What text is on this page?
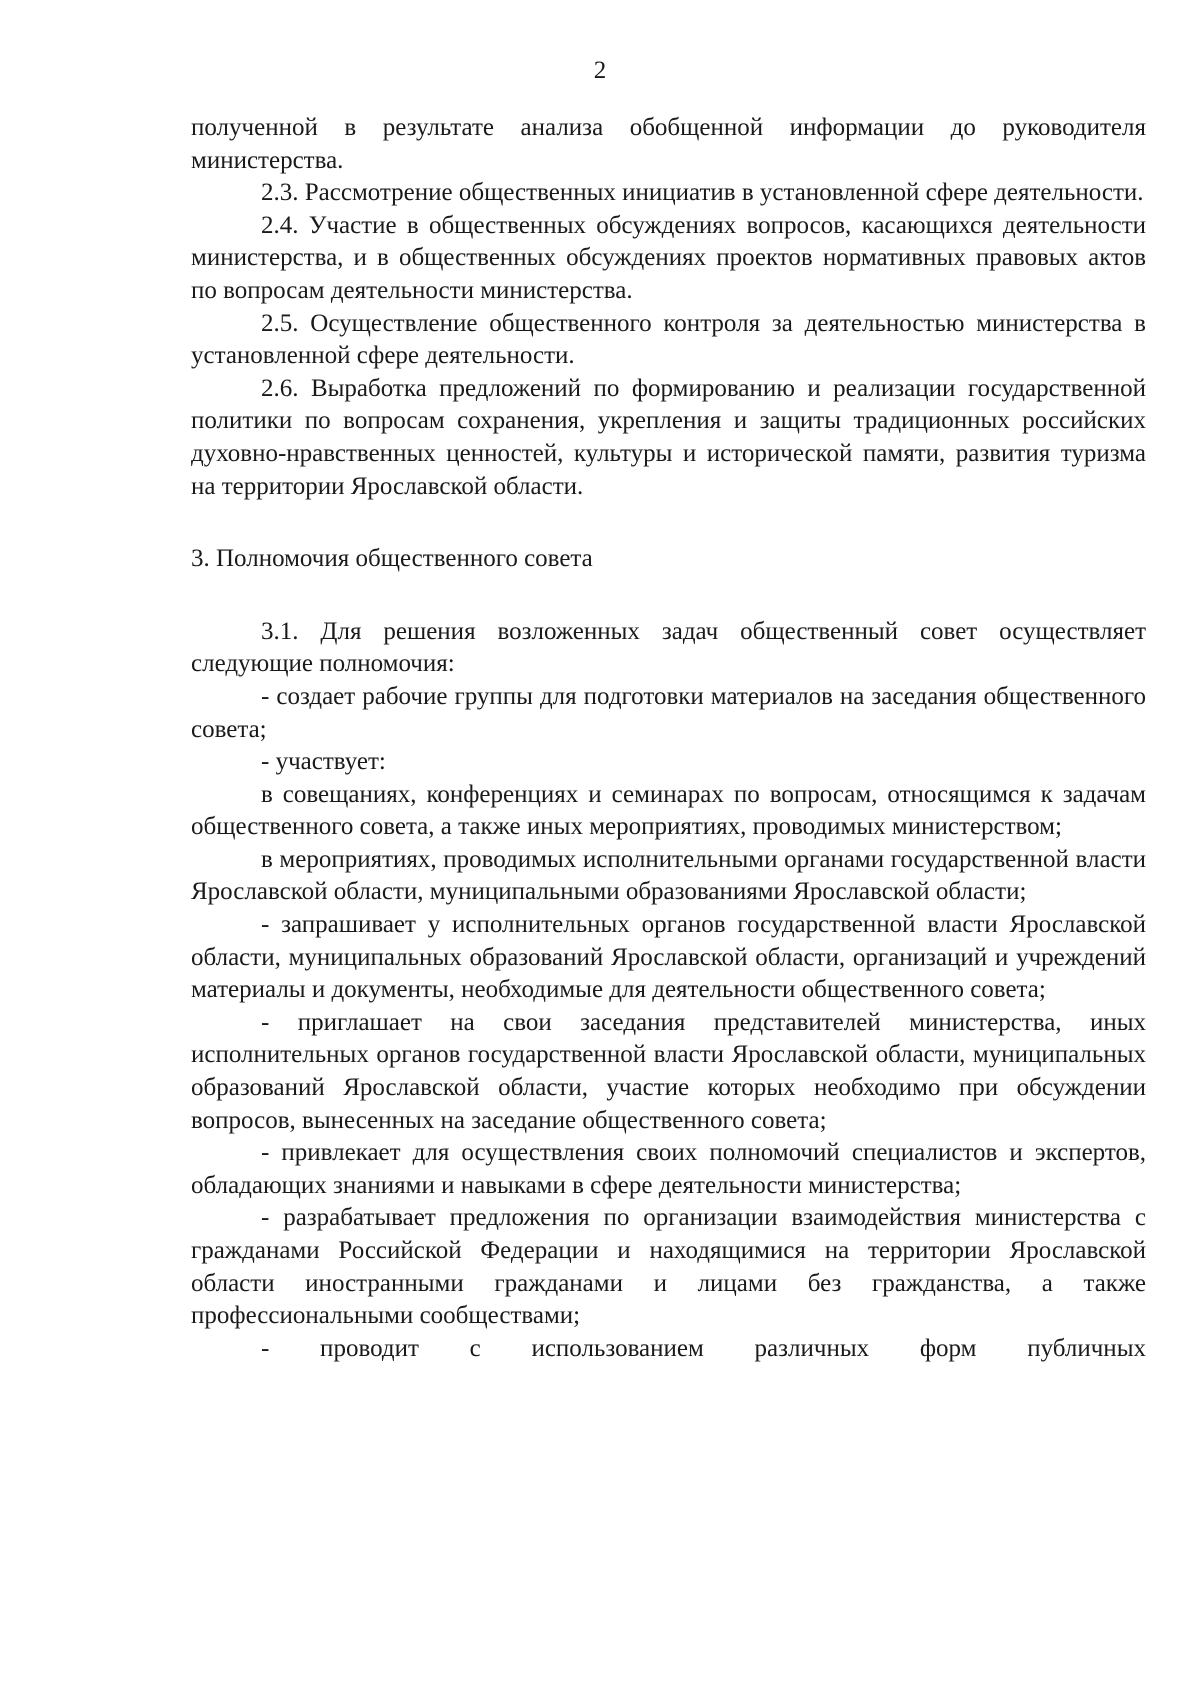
2

полученной в результате анализа обобщенной информации до руководителя министерства.

2.3. Рассмотрение общественных инициатив в установленной сфере деятельности.

2.4. Участие в общественных обсуждениях вопросов, касающихся деятельности министерства, и в общественных обсуждениях проектов нормативных правовых актов по вопросам деятельности министерства.

2.5. Осуществление общественного контроля за деятельностью министерства в установленной сфере деятельности.

2.6. Выработка предложений по формированию и реализации государственной политики по вопросам сохранения, укрепления и защиты традиционных российских духовно-нравственных ценностей, культуры и исторической памяти, развития туризма на территории Ярославской области.

3. Полномочия общественного совета

3.1. Для решения возложенных задач общественный совет осуществляет следующие полномочия:

- создает рабочие группы для подготовки материалов на заседания общественного совета;

- участвует:

в совещаниях, конференциях и семинарах по вопросам, относящимся к задачам общественного совета, а также иных мероприятиях, проводимых министерством;

в мероприятиях, проводимых исполнительными органами государственной власти Ярославской области, муниципальными образованиями Ярославской области;

- запрашивает у исполнительных органов государственной власти Ярославской области, муниципальных образований Ярославской области, организаций и учреждений материалы и документы, необходимые для деятельности общественного совета;

- приглашает на свои заседания представителей министерства, иных исполнительных органов государственной власти Ярославской области, муниципальных образований Ярославской области, участие которых необходимо при обсуждении вопросов, вынесенных на заседание общественного совета;

- привлекает для осуществления своих полномочий специалистов и экспертов, обладающих знаниями и навыками в сфере деятельности министерства;

- разрабатывает предложения по организации взаимодействия министерства с гражданами Российской Федерации и находящимися на территории Ярославской области иностранными гражданами и лицами без гражданства, а также профессиональными сообществами;

- проводит с использованием различных форм публичных
